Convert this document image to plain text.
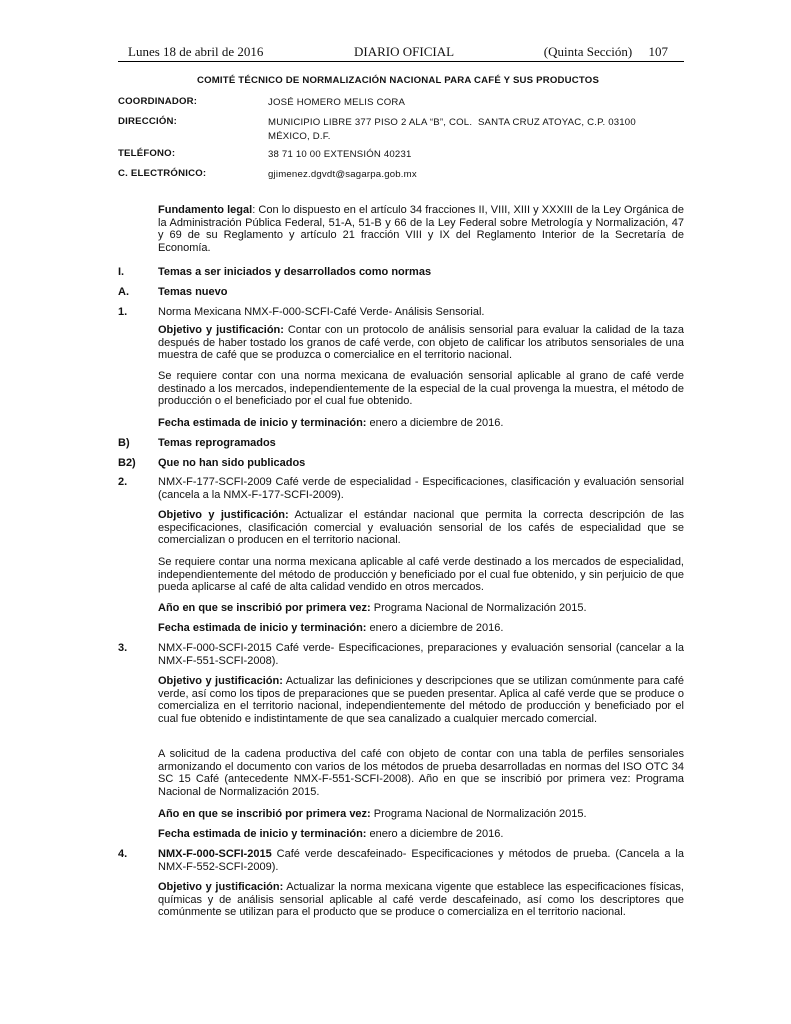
Lunes 18 de abril de 2016	DIARIO OFICIAL	(Quinta Sección)     107
COMITÉ TÉCNICO DE NORMALIZACIÓN NACIONAL PARA CAFÉ Y SUS PRODUCTOS
COORDINADOR:	JOSÉ HOMERO MELIS CORA
DIRECCIÓN:	MUNICIPIO LIBRE 377 PISO 2 ALA “B”, COL.  SANTA CRUZ ATOYAC, C.P. 03100
MÉXICO, D.F.
TELÉFONO:	38 71 10 00 EXTENSIÓN 40231
C. ELECTRÓNICO:	gjimenez.dgvdt@sagarpa.gob.mx
Fundamento legal: Con lo dispuesto en el artículo 34 fracciones II, VIII, XIII y XXXIII de la Ley Orgánica de la Administración Pública Federal, 51-A, 51-B y 66 de la Ley Federal sobre Metrología y Normalización, 47 y 69 de su Reglamento y artículo 21 fracción VIII y IX del Reglamento Interior de la Secretaría de Economía.
I.	Temas a ser iniciados y desarrollados como normas
A.	Temas nuevo
1.	Norma Mexicana NMX-F-000-SCFI-Café Verde- Análisis Sensorial.
Objetivo y justificación: Contar con un protocolo de análisis sensorial para evaluar la calidad de la taza después de haber tostado los granos de café verde, con objeto de calificar los atributos sensoriales de una muestra de café que se produzca o comercialice en el territorio nacional.
Se requiere contar con una norma mexicana de evaluación sensorial aplicable al grano de café verde destinado a los mercados, independientemente de la especial de la cual provenga la muestra, el método de producción o el beneficiado por el cual fue obtenido.
Fecha estimada de inicio y terminación: enero a diciembre de 2016.
B)	Temas reprogramados
B2) Que no han sido publicados
2.	NMX-F-177-SCFI-2009 Café verde de especialidad - Especificaciones, clasificación y evaluación sensorial (cancela a la NMX-F-177-SCFI-2009).
Objetivo y justificación: Actualizar el estándar nacional que permita la correcta descripción de las especificaciones, clasificación comercial y evaluación sensorial de los cafés de especialidad que se comercializan o producen en el territorio nacional.
Se requiere contar una norma mexicana aplicable al café verde destinado a los mercados de especialidad, independientemente del método de producción y beneficiado por el cual fue obtenido, y sin perjuicio de que pueda aplicarse al café de alta calidad vendido en otros mercados.
Año en que se inscribió por primera vez: Programa Nacional de Normalización 2015.
Fecha estimada de inicio y terminación: enero a diciembre de 2016.
3.	NMX-F-000-SCFI-2015 Café verde- Especificaciones, preparaciones y evaluación sensorial (cancelar a la NMX-F-551-SCFI-2008).
Objetivo y justificación: Actualizar las definiciones y descripciones que se utilizan comúnmente para café verde, así como los tipos de preparaciones que se pueden presentar. Aplica al café verde que se produce o comercializa en el territorio nacional, independientemente del método de producción y beneficiado por el cual fue obtenido e indistintamente de que sea canalizado a cualquier mercado comercial.
A solicitud de la cadena productiva del café con objeto de contar con una tabla de perfiles sensoriales armonizando el documento con varios de los métodos de prueba desarrolladas en normas del ISO OTC 34 SC 15 Café (antecedente NMX-F-551-SCFI-2008). Año en que se inscribió por primera vez: Programa Nacional de Normalización 2015.
Año en que se inscribió por primera vez: Programa Nacional de Normalización 2015.
Fecha estimada de inicio y terminación: enero a diciembre de 2016.
4.	NMX-F-000-SCFI-2015 Café verde descafeinado- Especificaciones y métodos de prueba. (Cancela a la NMX-F-552-SCFI-2009).
Objetivo y justificación: Actualizar la norma mexicana vigente que establece las especificaciones físicas, químicas y de análisis sensorial aplicable al café verde descafeinado, así como los descriptores que comúnmente se utilizan para el producto que se produce o comercializa en el territorio nacional.
